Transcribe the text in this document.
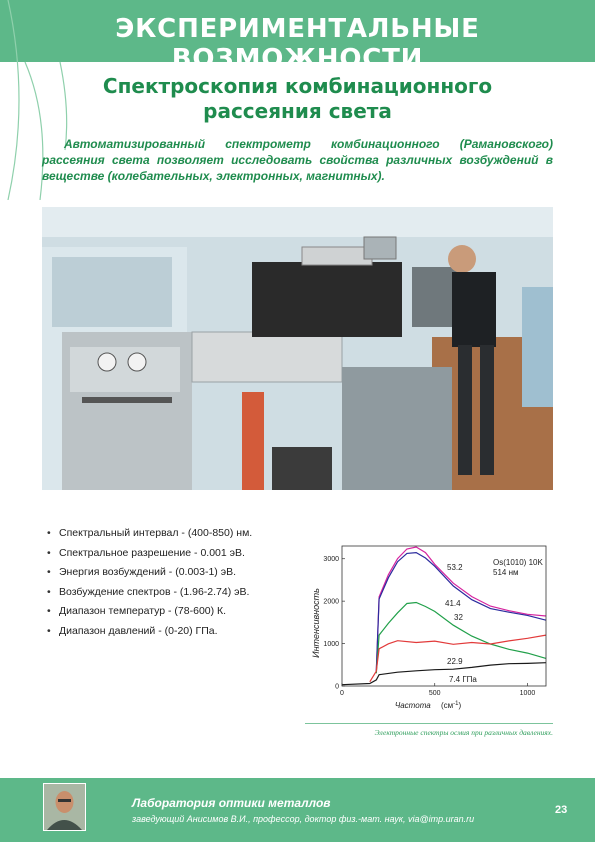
ЭКСПЕРИМЕНТАЛЬНЫЕ ВОЗМОЖНОСТИ
Спектроскопия комбинационного
рассеяния света
Автоматизированный спектрометр комбинационного (Рамановского) рассеяния света позволяет исследовать свойства различных возбуждений в веществе (колебательных, электронных, магнитных).
• Спектральный интервал - (400-850) нм.
• Спектральное разрешение - 0.001 эВ.
• Энергия возбуждений - (0.003-1) эВ.
• Возбуждение спектров - (1.96-2.74) эВ.
• Диапазон температур - (78-600) К.
• Диапазон давлений - (0-20) ГПа.
0	500	1000
0
1000
2000
3000
Интенсивность
Частота $(см^{-1})$
Os(1010) 10K
514 нм
53.2
41.4
32
22.9
7.4 ГПа
Электронные спектры осмия при различных давлениях.
Лаборатория оптики металлов
заведующий Анисимов В.И., профессор, доктор физ.-мат. наук, via@imp.uran.ru
23
